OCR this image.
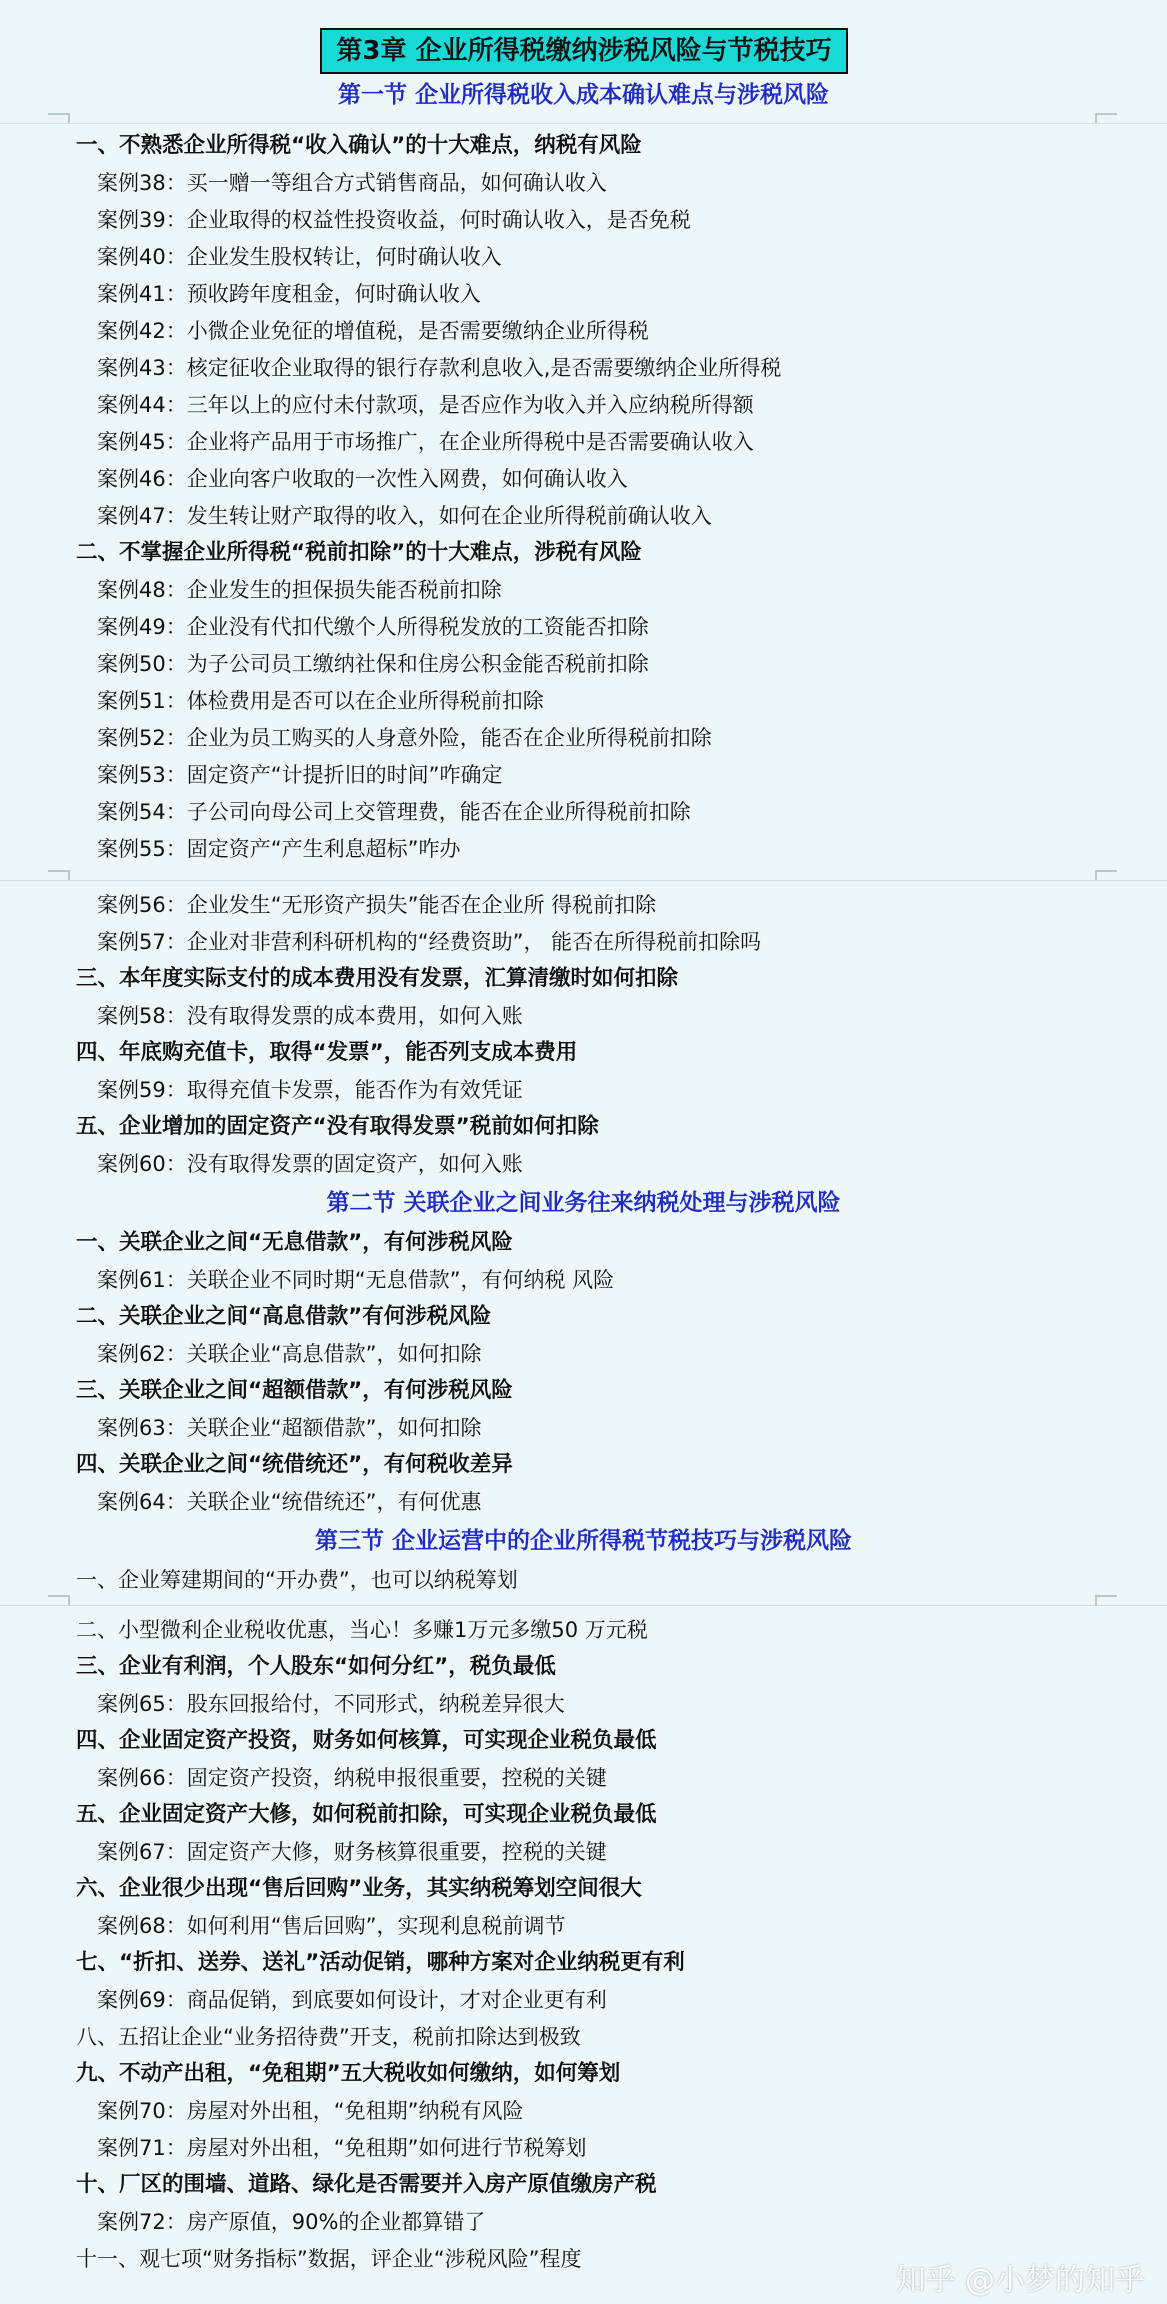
第3章 企业所得税缴纳涉税风险与节税技巧
第一节 企业所得税收入成本确认难点与涉税风险
一、不熟悉企业所得税“收入确认”的十大难点，纳税有风险
案例38：买一赠一等组合方式销售商品，如何确认收入
案例39：企业取得的权益性投资收益，何时确认收入，是否免税
案例40：企业发生股权转让，何时确认收入
案例41：预收跨年度租金，何时确认收入
案例42：小微企业免征的增值税，是否需要缴纳企业所得税
案例43：核定征收企业取得的银行存款利息收入,是否需要缴纳企业所得税
案例44：三年以上的应付未付款项，是否应作为收入并入应纳税所得额
案例45：企业将产品用于市场推广，在企业所得税中是否需要确认收入
案例46：企业向客户收取的一次性入网费，如何确认收入
案例47：发生转让财产取得的收入，如何在企业所得税前确认收入
二、不掌握企业所得税“税前扣除”的十大难点，涉税有风险
案例48：企业发生的担保损失能否税前扣除
案例49：企业没有代扣代缴个人所得税发放的工资能否扣除
案例50：为子公司员工缴纳社保和住房公积金能否税前扣除
案例51：体检费用是否可以在企业所得税前扣除
案例52：企业为员工购买的人身意外险，能否在企业所得税前扣除
案例53：固定资产“计提折旧的时间”咋确定
案例54：子公司向母公司上交管理费，能否在企业所得税前扣除
案例55：固定资产“产生利息超标”咋办
案例56：企业发生“无形资产损失”能否在企业所 得税前扣除
案例57：企业对非营利科研机构的“经费资助”， 能否在所得税前扣除吗
三、本年度实际支付的成本费用没有发票，汇算清缴时如何扣除
案例58：没有取得发票的成本费用，如何入账
四、年底购充值卡，取得“发票”，能否列支成本费用
案例59：取得充值卡发票，能否作为有效凭证
五、企业增加的固定资产“没有取得发票”税前如何扣除
案例60：没有取得发票的固定资产，如何入账
第二节 关联企业之间业务往来纳税处理与涉税风险
一、关联企业之间“无息借款”，有何涉税风险
案例61：关联企业不同时期“无息借款”，有何纳税 风险
二、关联企业之间“高息借款”有何涉税风险
案例62：关联企业“高息借款”，如何扣除
三、关联企业之间“超额借款”，有何涉税风险
案例63：关联企业“超额借款”，如何扣除
四、关联企业之间“统借统还”，有何税收差异
案例64：关联企业“统借统还”，有何优惠
第三节 企业运营中的企业所得税节税技巧与涉税风险
一、企业筹建期间的“开办费”，也可以纳税筹划
二、小型微利企业税收优惠，当心！多赚1万元多缴50 万元税
三、企业有利润，个人股东“如何分红”，税负最低
案例65：股东回报给付，不同形式，纳税差异很大
四、企业固定资产投资，财务如何核算，可实现企业税负最低
案例66：固定资产投资，纳税申报很重要，控税的关键
五、企业固定资产大修，如何税前扣除，可实现企业税负最低
案例67：固定资产大修，财务核算很重要，控税的关键
六、企业很少出现“售后回购”业务，其实纳税筹划空间很大
案例68：如何利用“售后回购”，实现利息税前调节
七、“折扣、送券、送礼”活动促销，哪种方案对企业纳税更有利
案例69：商品促销，到底要如何设计，才对企业更有利
八、五招让企业“业务招待费”开支，税前扣除达到极致
九、不动产出租，“免租期”五大税收如何缴纳，如何筹划
案例70：房屋对外出租，“免租期”纳税有风险
案例71：房屋对外出租，“免租期”如何进行节税筹划
十、厂区的围墙、道路、绿化是否需要并入房产原值缴房产税
案例72：房产原值，90%的企业都算错了
十一、观七项“财务指标”数据，评企业“涉税风险”程度
知乎 @小梦的知乎
